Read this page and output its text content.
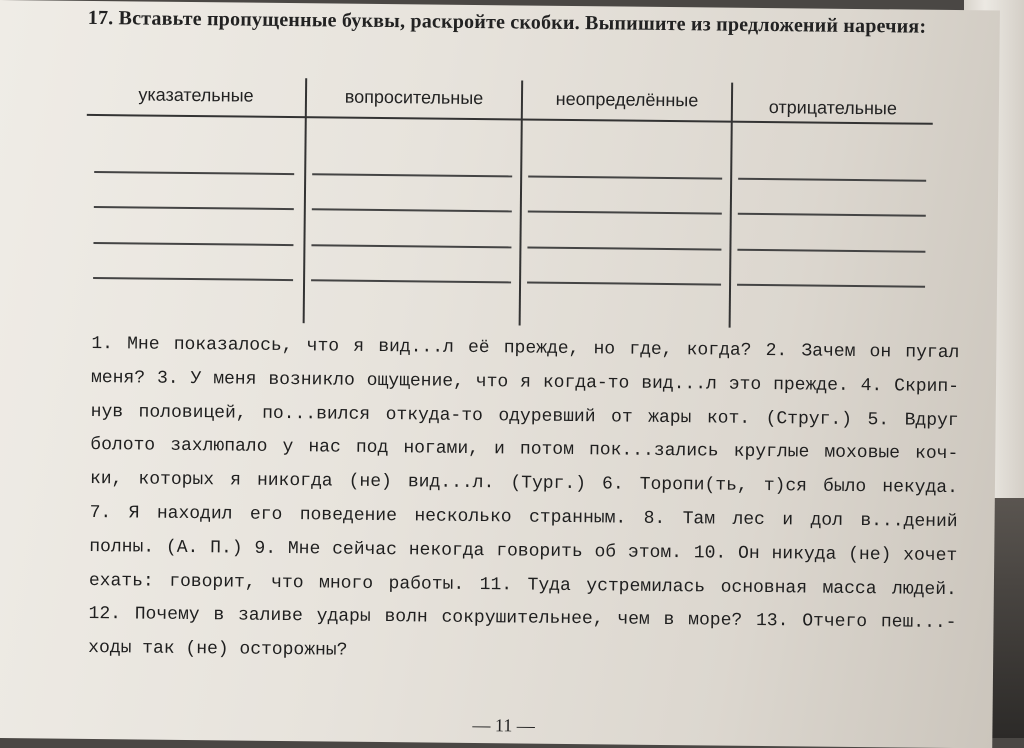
17. Вставьте пропущенные буквы, раскройте скобки. Выпишите из предложений наречия:
указательные	вопросительные	неопределённые	отрицательные
1. Мне показалось, что я вид...л её прежде, но где, когда? 2. Зачем он пугал
меня? 3. У меня возникло ощущение, что я когда-то вид...л это прежде. 4. Скрип-
нув половицей, по...вился откуда-то одуревший от жары кот. (Струг.) 5. Вдруг
болото захлюпало у нас под ногами, и потом пок...зались круглые моховые коч-
ки, которых я никогда (не) вид...л. (Тург.) 6. Торопи(ть, т)ся было некуда.
7. Я находил его поведение несколько странным. 8. Там лес и дол в...дений
полны. (А. П.) 9. Мне сейчас некогда говорить об этом. 10. Он никуда (не) хочет
ехать: говорит, что много работы. 11. Туда устремилась основная масса людей.
12. Почему в заливе удары волн сокрушительнее, чем в море? 13. Отчего пеш...-
ходы так (не) осторожны?
— 11 —
